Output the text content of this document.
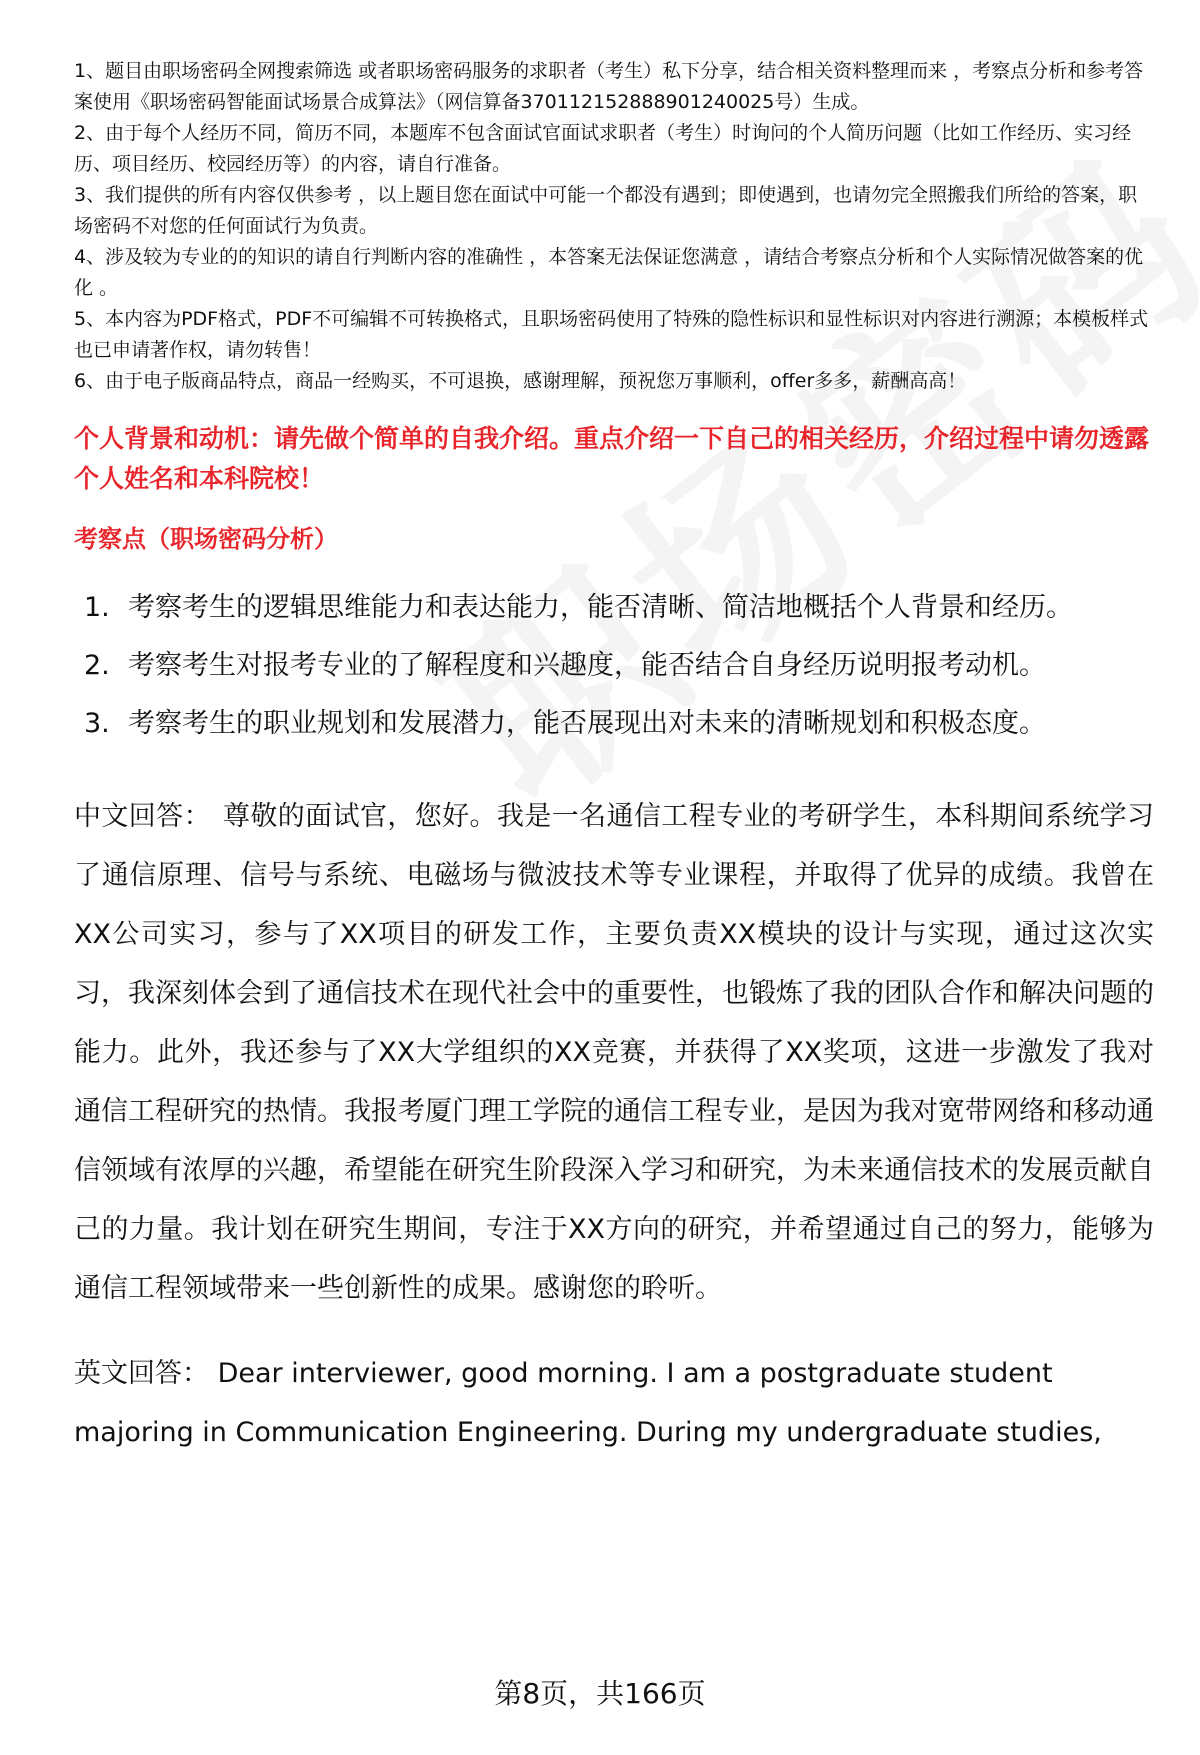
1、题目由职场密码全网搜索筛选 或者职场密码服务的求职者（考生）私下分享，结合相关资料整理而来 ，考察点分析和参考答案使用《职场密码智能面试场景合成算法》（网信算备370112152888901240025号）生成。
2、由于每个人经历不同，简历不同，本题库不包含面试官面试求职者（考生）时询问的个人简历问题（比如工作经历、实习经历、项目经历、校园经历等）的内容，请自行准备。
3、我们提供的所有内容仅供参考 ，以上题目您在面试中可能一个都没有遇到；即使遇到，也请勿完全照搬我们所给的答案，职场密码不对您的任何面试行为负责。
4、涉及较为专业的的知识的请自行判断内容的准确性 ，本答案无法保证您满意 ，请结合考察点分析和个人实际情况做答案的优化 。
5、本内容为PDF格式，PDF不可编辑不可转换格式，且职场密码使用了特殊的隐性标识和显性标识对内容进行溯源；本模板样式也已申请著作权，请勿转售！
6、由于电子版商品特点，商品一经购买，不可退换，感谢理解，预祝您万事顺利，offer多多，薪酬高高！
个人背景和动机：请先做个简单的自我介绍。重点介绍一下自己的相关经历，介绍过程中请勿透露个人姓名和本科院校！
考察点（职场密码分析）
1. 考察考生的逻辑思维能力和表达能力，能否清晰、简洁地概括个人背景和经历。
2. 考察考生对报考专业的了解程度和兴趣度，能否结合自身经历说明报考动机。
3. 考察考生的职业规划和发展潜力，能否展现出对未来的清晰规划和积极态度。
中文回答： 尊敬的面试官，您好。我是一名通信工程专业的考研学生，本科期间系统学习了通信原理、信号与系统、电磁场与微波技术等专业课程，并取得了优异的成绩。我曾在XX公司实习，参与了XX项目的研发工作，主要负责XX模块的设计与实现，通过这次实习，我深刻体会到了通信技术在现代社会中的重要性，也锻炼了我的团队合作和解决问题的能力。此外，我还参与了XX大学组织的XX竞赛，并获得了XX奖项，这进一步激发了我对通信工程研究的热情。我报考厦门理工学院的通信工程专业，是因为我对宽带网络和移动通信领域有浓厚的兴趣，希望能在研究生阶段深入学习和研究，为未来通信技术的发展贡献自己的力量。我计划在研究生期间，专注于XX方向的研究，并希望通过自己的努力，能够为通信工程领域带来一些创新性的成果。感谢您的聆听。
英文回答： Dear interviewer, good morning. I am a postgraduate student majoring in Communication Engineering. During my undergraduate studies,
第8页，共166页
